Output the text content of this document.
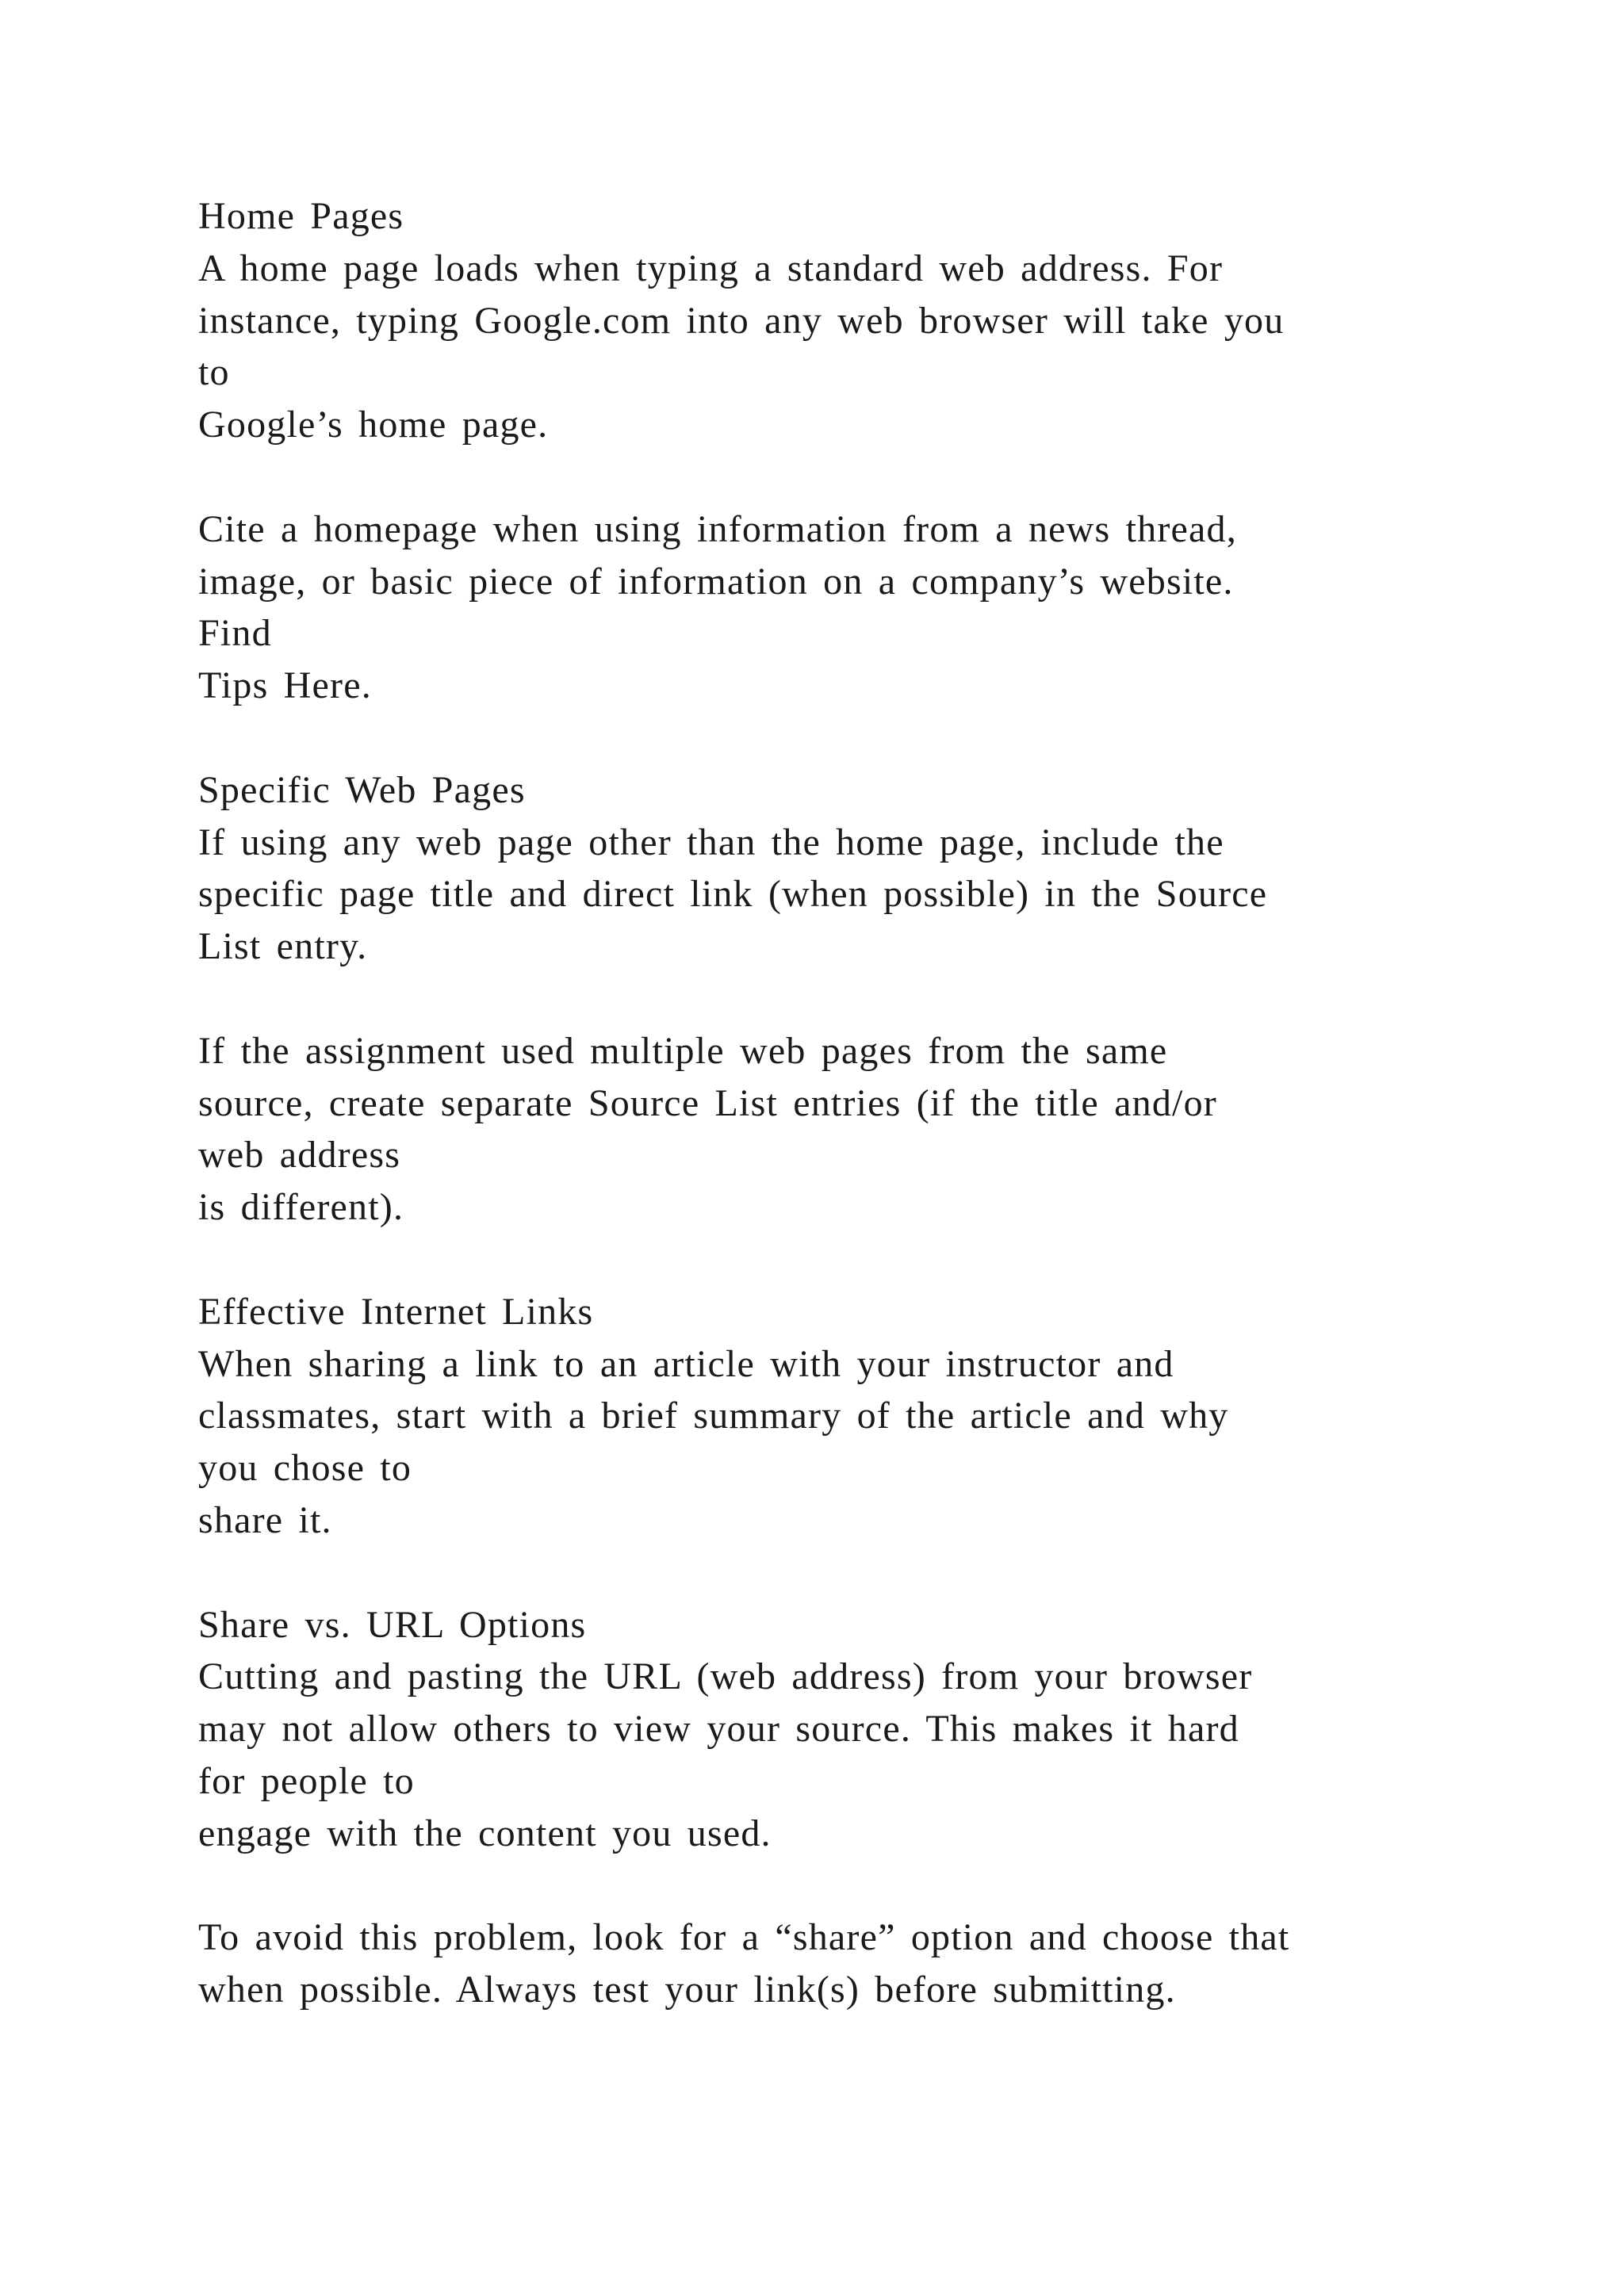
Home Pages
A home page loads when typing a standard web address. For
instance, typing Google.com into any web browser will take you
to
Google’s home page.
Cite a homepage when using information from a news thread,
image, or basic piece of information on a company’s website.
Find
Tips Here.
Specific Web Pages
If using any web page other than the home page, include the
specific page title and direct link (when possible) in the Source
List entry.
If the assignment used multiple web pages from the same
source, create separate Source List entries (if the title and/or
web address
is different).
Effective Internet Links
When sharing a link to an article with your instructor and
classmates, start with a brief summary of the article and why
you chose to
share it.
Share vs. URL Options
Cutting and pasting the URL (web address) from your browser
may not allow others to view your source. This makes it hard
for people to
engage with the content you used.
To avoid this problem, look for a “share” option and choose that
when possible. Always test your link(s) before submitting.
